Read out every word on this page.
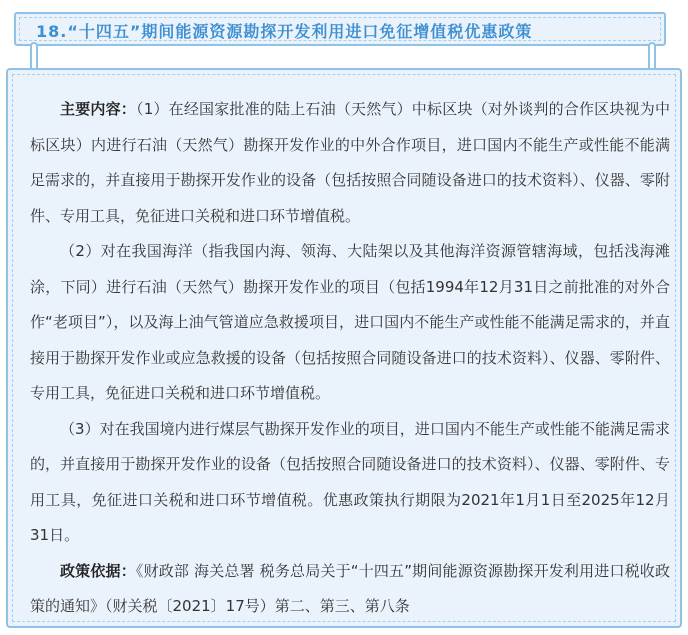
18.“十四五”期间能源资源勘探开发利用进口免征增值税优惠政策

主要内容：（1）在经国家批准的陆上石油（天然气）中标区块（对外谈判的合作区块视为中标区块）内进行石油（天然气）勘探开发作业的中外合作项目，进口国内不能生产或性能不能满足需求的，并直接用于勘探开发作业的设备（包括按照合同随设备进口的技术资料）、仪器、零附件、专用工具，免征进口关税和进口环节增值税。

（2）对在我国海洋（指我国内海、领海、大陆架以及其他海洋资源管辖海域，包括浅海滩涂，下同）进行石油（天然气）勘探开发作业的项目（包括1994年12月31日之前批准的对外合作“老项目”），以及海上油气管道应急救援项目，进口国内不能生产或性能不能满足需求的，并直接用于勘探开发作业或应急救援的设备（包括按照合同随设备进口的技术资料）、仪器、零附件、专用工具，免征进口关税和进口环节增值税。

（3）对在我国境内进行煤层气勘探开发作业的项目，进口国内不能生产或性能不能满足需求的，并直接用于勘探开发作业的设备（包括按照合同随设备进口的技术资料）、仪器、零附件、专用工具，免征进口关税和进口环节增值税。优惠政策执行期限为2021年1月1日至2025年12月31日。

政策依据：《财政部 海关总署 税务总局关于“十四五”期间能源资源勘探开发利用进口税收政策的通知》（财关税〔2021〕17号）第二、第三、第八条
